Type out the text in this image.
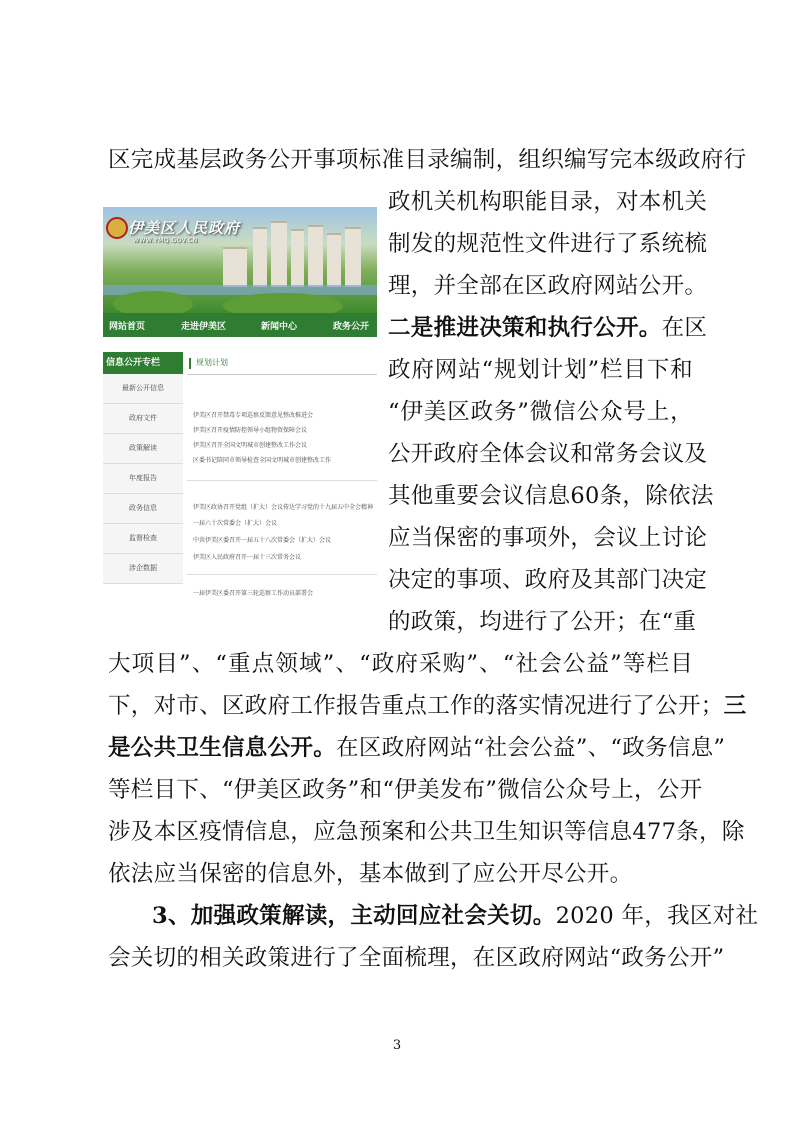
区完成基层政务公开事项标准目录编制，组织编写完本级政府行
政机关机构职能目录，对本机关
制发的规范性文件进行了系统梳
理，并全部在区政府网站公开。
二是推进决策和执行公开。在区
政府网站“规划计划”栏目下和
“伊美区政务”微信公众号上，
公开政府全体会议和常务会议及
其他重要会议信息60条，除依法
应当保密的事项外，会议上讨论
决定的事项、政府及其部门决定
的政策，均进行了公开；在“重
大项目”、“重点领域”、“政府采购”、“社会公益”等栏目
下，对市、区政府工作报告重点工作的落实情况进行了公开；三
是公共卫生信息公开。在区政府网站“社会公益”、“政务信息”
等栏目下、“伊美区政务”和“伊美发布”微信公众号上，公开
涉及本区疫情信息，应急预案和公共卫生知识等信息477条，除
依法应当保密的信息外，基本做到了应公开尽公开。
3、加强政策解读，主动回应社会关切。2020 年，我区对社
会关切的相关政策进行了全面梳理，在区政府网站“政务公开”
3
伊美区人民政府
WWW.YMQ.GOV.CN
网站首页	走进伊美区	新闻中心	政务公开
信息公开专栏
最新公开信息
政府文件
政策解读
年度报告
政务信息
监督检查
涉企数据
规划计划
伊美区召开禁毒专项巡察反馈意见整改推进会
伊美区召开疫情防控领导小组物资保障会议
伊美区召开全国文明城市创建整改工作会议
区委书记陪同市领导检查全国文明城市创建整改工作
伊美区政协召开党组（扩大）会议传达学习党的十九届五中全会精神
一届六十次常委会（扩大）会议
中共伊美区委召开一届五十八次常委会（扩大）会议
伊美区人民政府召开一届十三次常务会议
一届伊美区委召开第三轮巡察工作动员部署会
